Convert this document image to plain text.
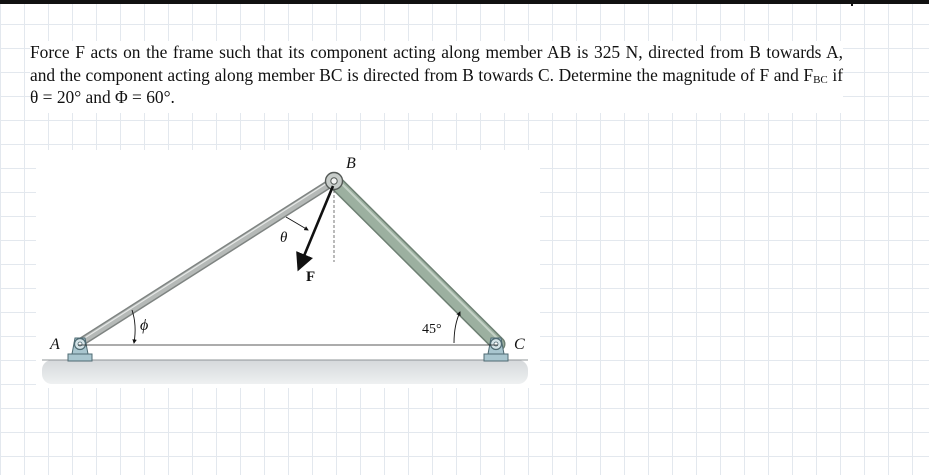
Force F acts on the frame such that its component acting along member AB is 325 N, directed from B towards A, and the component acting along member BC is directed from B towards C. Determine the magnitude of F and $F_{BC}$ if θ = 20° and Φ = 60°.

B
A	C
F
θ
ϕ	45°
